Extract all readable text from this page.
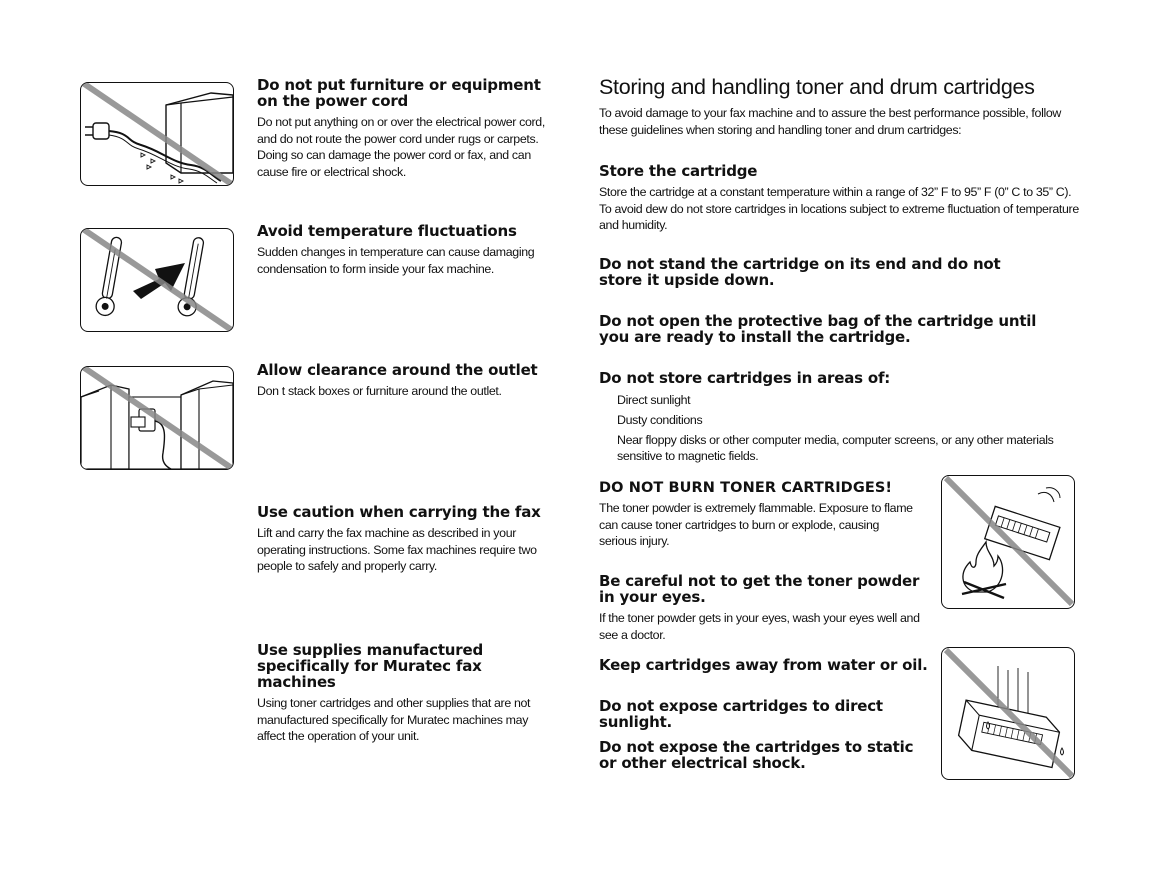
Do not put furniture or equipment on the power cord

Do not put anything on or over the electrical power cord, and do not route the power cord under rugs or carpets. Doing so can damage the power cord or fax, and can cause fire or electrical shock.

Avoid temperature fluctuations

Sudden changes in temperature can cause damaging condensation to form inside your fax machine.

Allow clearance around the outlet

Don t stack boxes or furniture around the outlet.

Use caution when carrying the fax

Lift and carry the fax machine as described in your operating instructions. Some fax machines require two people to safely and properly carry.

Use supplies manufactured specifically for Muratec fax machines

Using toner cartridges and other supplies that are not manufactured specifically for Muratec machines may affect the operation of your unit.

Storing and handling toner and drum cartridges

To avoid damage to your fax machine and to assure the best performance possible, follow these guidelines when storing and handling toner and drum cartridges:

Store the cartridge

Store the cartridge at a constant temperature within a range of 32” F to 95” F (0” C to 35” C). To avoid dew do not store cartridges in locations subject to extreme fluctuation of temperature and humidity.

Do not stand the cartridge on its end and do not store it upside down.

Do not open the protective bag of the cartridge until you are ready to install the cartridge.

Do not store cartridges in areas of:

Direct sunlight
Dusty conditions
Near floppy disks or other computer media, computer screens, or any other materials sensitive to magnetic fields.

DO NOT BURN TONER CARTRIDGES!

The toner powder is extremely flammable. Exposure to flame can cause toner cartridges to burn or explode, causing serious injury.

Be careful not to get the toner powder in your eyes.

If the toner powder gets in your eyes, wash your eyes well and see a doctor.

Keep cartridges away from water or oil.

Do not expose cartridges to direct sunlight.

Do not expose the cartridges to static or other electrical shock.
